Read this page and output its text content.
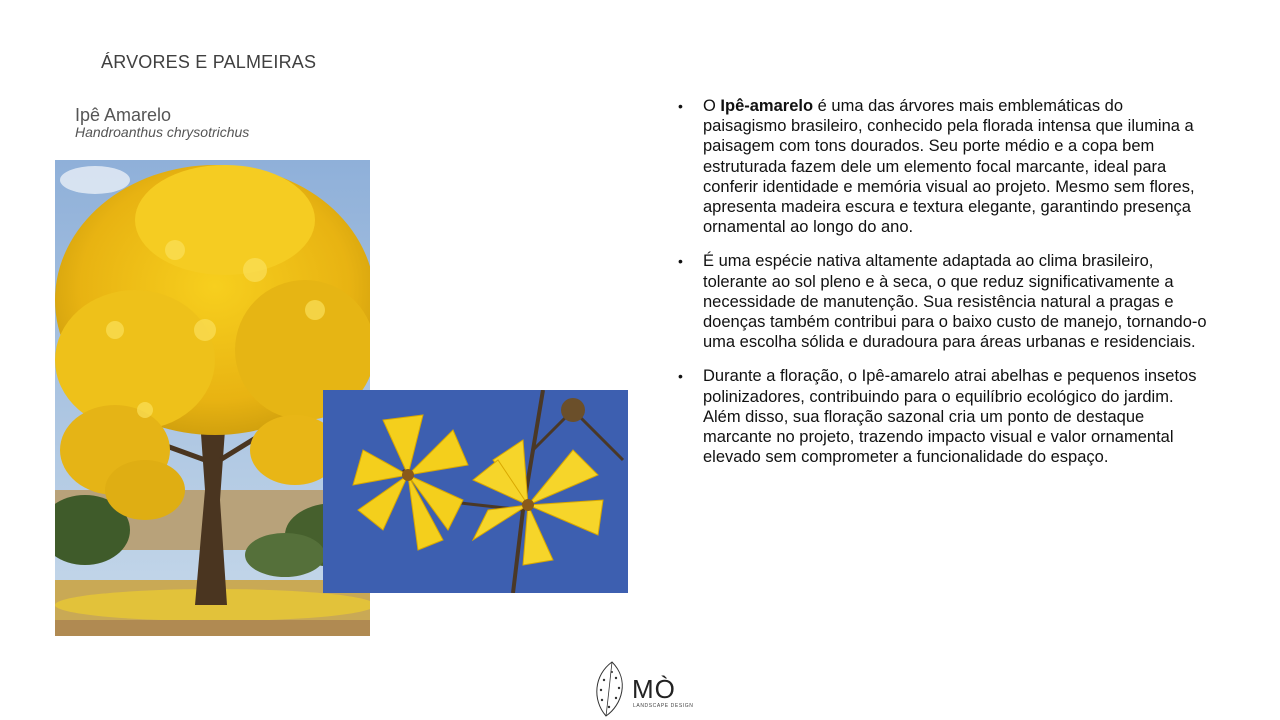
ÁRVORES E PALMEIRAS
Ipê Amarelo
Handroanthus chrysotrichus
• O Ipê-amarelo é uma das árvores mais emblemáticas do paisagismo brasileiro, conhecido pela florada intensa que ilumina a paisagem com tons dourados. Seu porte médio e a copa bem estruturada fazem dele um elemento focal marcante, ideal para conferir identidade e memória visual ao projeto. Mesmo sem flores, apresenta madeira escura e textura elegante, garantindo presença ornamental ao longo do ano.
• É uma espécie nativa altamente adaptada ao clima brasileiro, tolerante ao sol pleno e à seca, o que reduz significativamente a necessidade de manutenção. Sua resistência natural a pragas e doenças também contribui para o baixo custo de manejo, tornando-o uma escolha sólida e duradoura para áreas urbanas e residenciais.
• Durante a floração, o Ipê-amarelo atrai abelhas e pequenos insetos polinizadores, contribuindo para o equilíbrio ecológico do jardim. Além disso, sua floração sazonal cria um ponto de destaque marcante no projeto, trazendo impacto visual e valor ornamental elevado sem comprometer a funcionalidade do espaço.
MÒ
LANDSCAPE DESIGN
